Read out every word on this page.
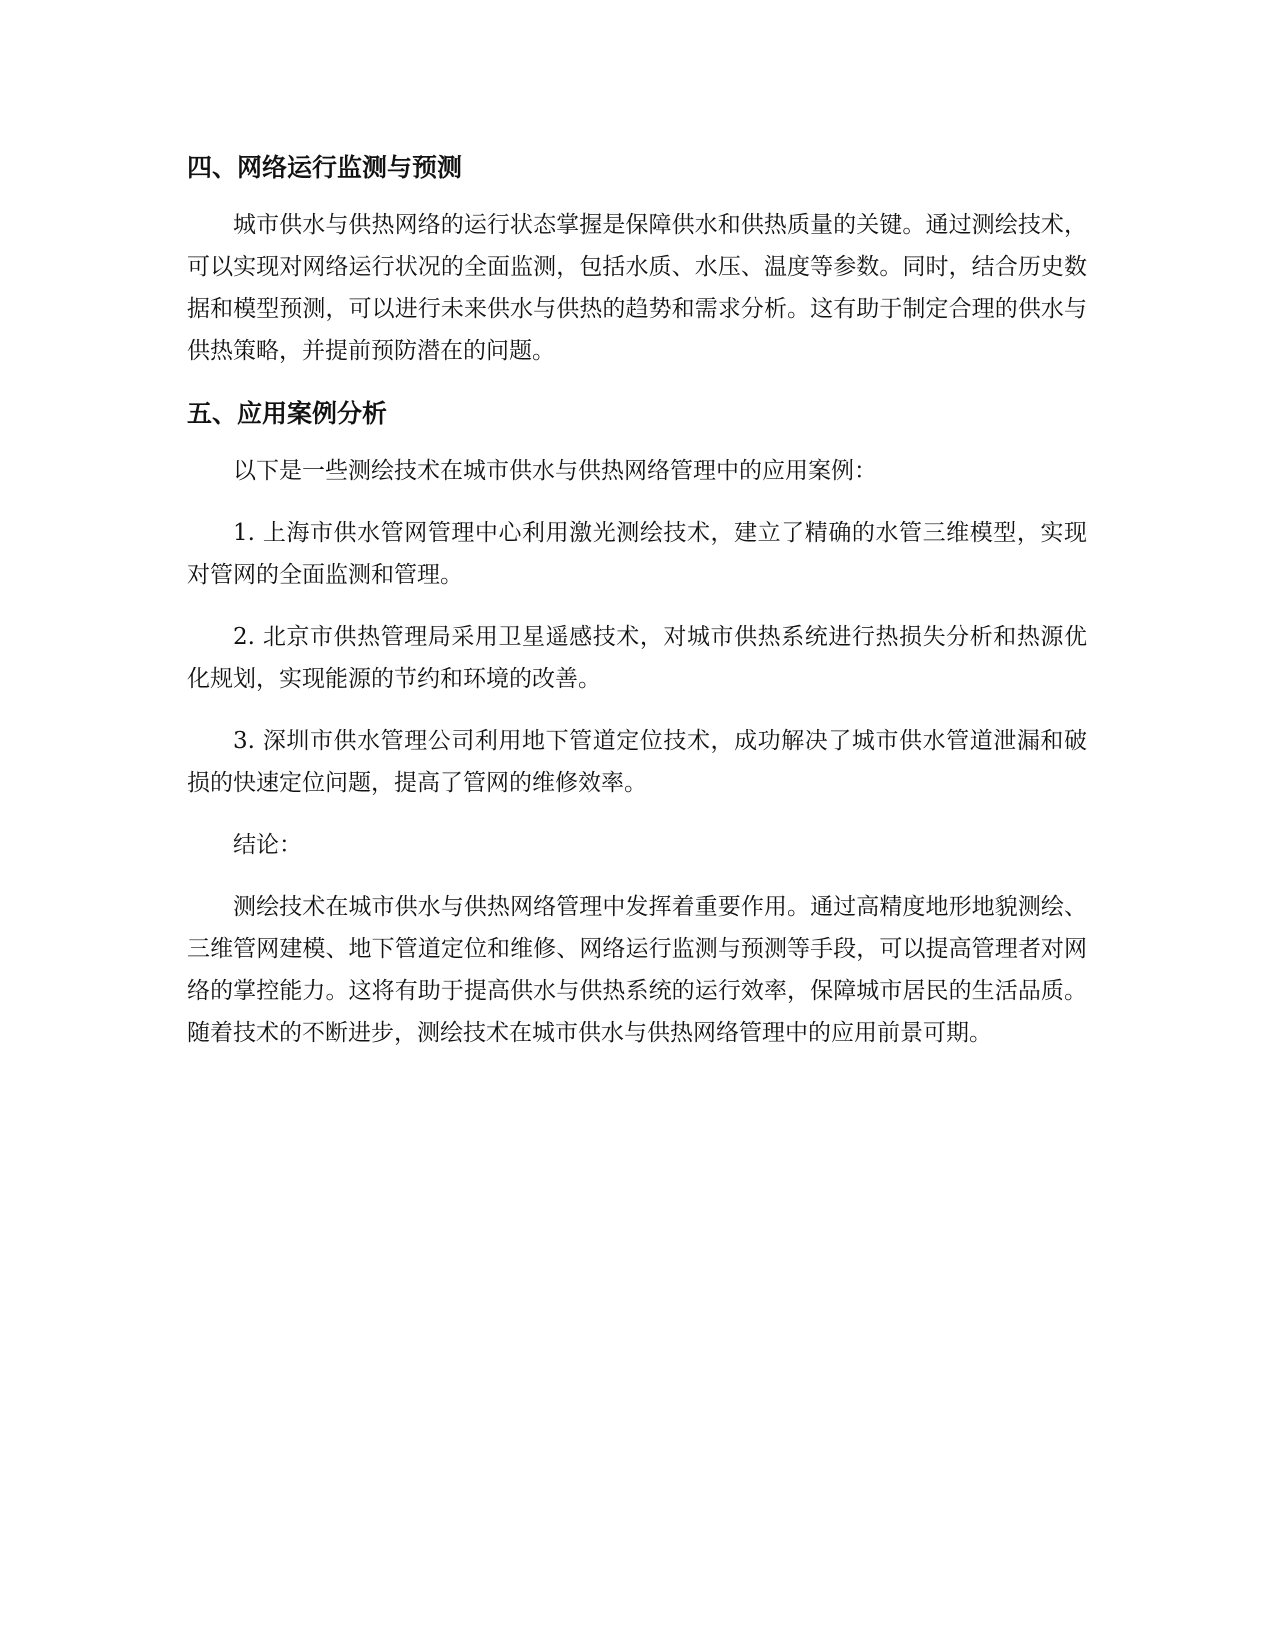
四、网络运行监测与预测

城市供水与供热网络的运行状态掌握是保障供水和供热质量的关键。通过测绘技术，可以实现对网络运行状况的全面监测，包括水质、水压、温度等参数。同时，结合历史数据和模型预测，可以进行未来供水与供热的趋势和需求分析。这有助于制定合理的供水与供热策略，并提前预防潜在的问题。

五、应用案例分析

以下是一些测绘技术在城市供水与供热网络管理中的应用案例：

1. 上海市供水管网管理中心利用激光测绘技术，建立了精确的水管三维模型，实现对管网的全面监测和管理。

2. 北京市供热管理局采用卫星遥感技术，对城市供热系统进行热损失分析和热源优化规划，实现能源的节约和环境的改善。

3. 深圳市供水管理公司利用地下管道定位技术，成功解决了城市供水管道泄漏和破损的快速定位问题，提高了管网的维修效率。

结论：

测绘技术在城市供水与供热网络管理中发挥着重要作用。通过高精度地形地貌测绘、三维管网建模、地下管道定位和维修、网络运行监测与预测等手段，可以提高管理者对网络的掌控能力。这将有助于提高供水与供热系统的运行效率，保障城市居民的生活品质。随着技术的不断进步，测绘技术在城市供水与供热网络管理中的应用前景可期。
